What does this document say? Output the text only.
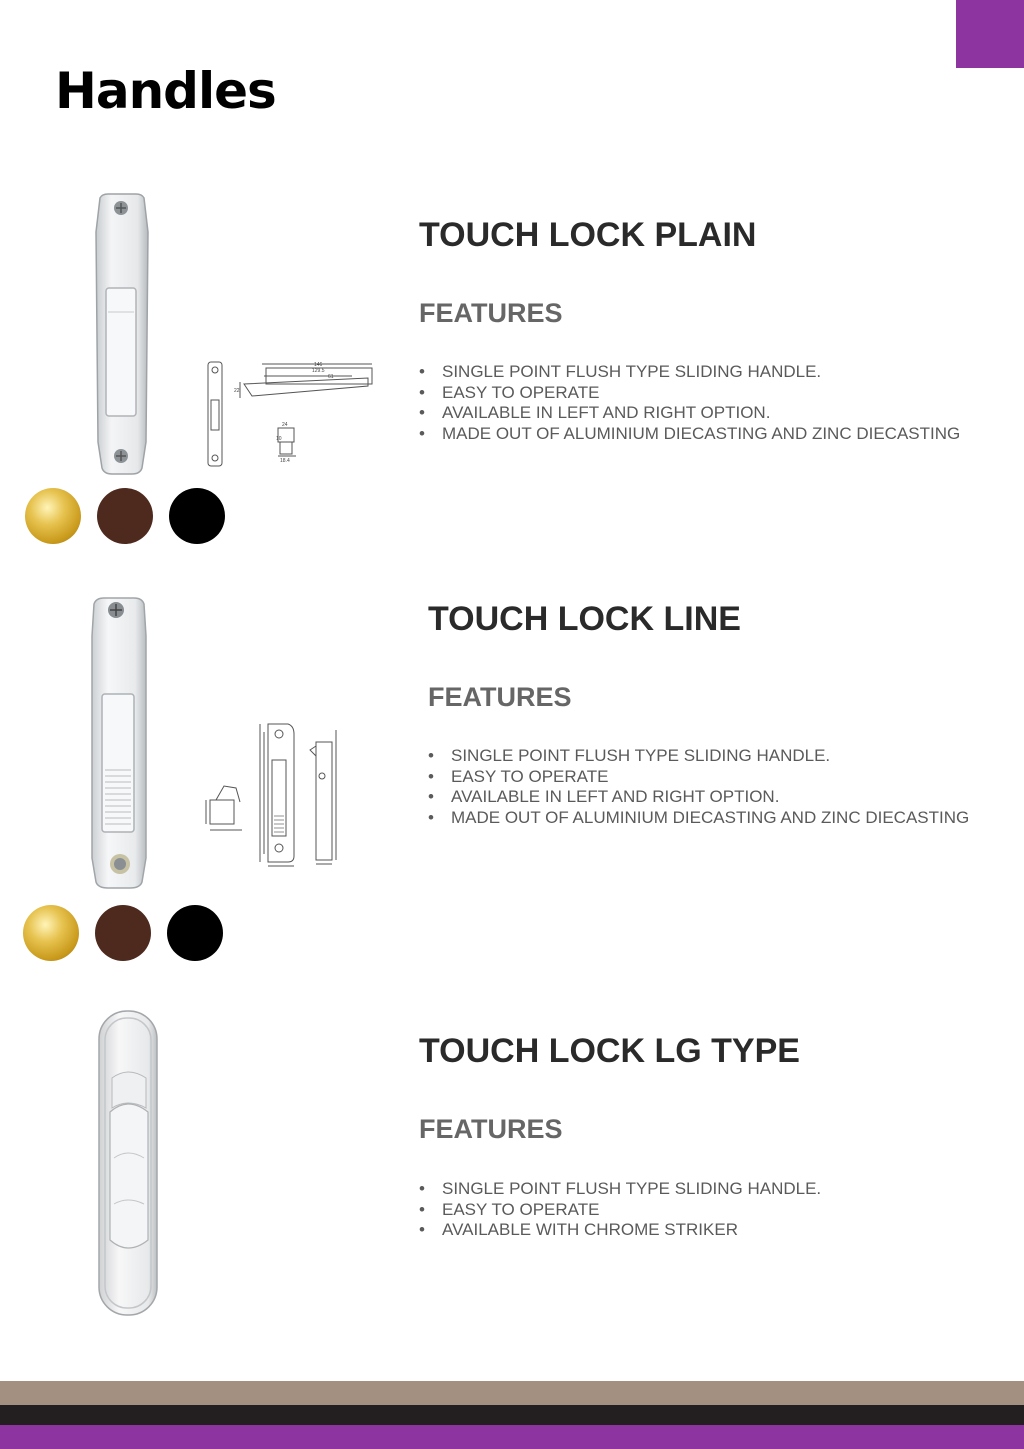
Handles
146
129.5
61
24
18.4
22
10
TOUCH LOCK PLAIN
FEATURES
• SINGLE POINT FLUSH TYPE SLIDING HANDLE.
• EASY TO OPERATE
• AVAILABLE IN LEFT AND RIGHT OPTION.
• MADE OUT OF ALUMINIUM DIECASTING AND ZINC DIECASTING
TOUCH LOCK LINE
FEATURES
• SINGLE POINT FLUSH TYPE SLIDING HANDLE.
• EASY TO OPERATE
• AVAILABLE IN LEFT AND RIGHT OPTION.
• MADE OUT OF ALUMINIUM DIECASTING AND ZINC DIECASTING
TOUCH LOCK LG TYPE
FEATURES
• SINGLE POINT FLUSH TYPE SLIDING HANDLE.
• EASY TO OPERATE
• AVAILABLE WITH CHROME STRIKER
